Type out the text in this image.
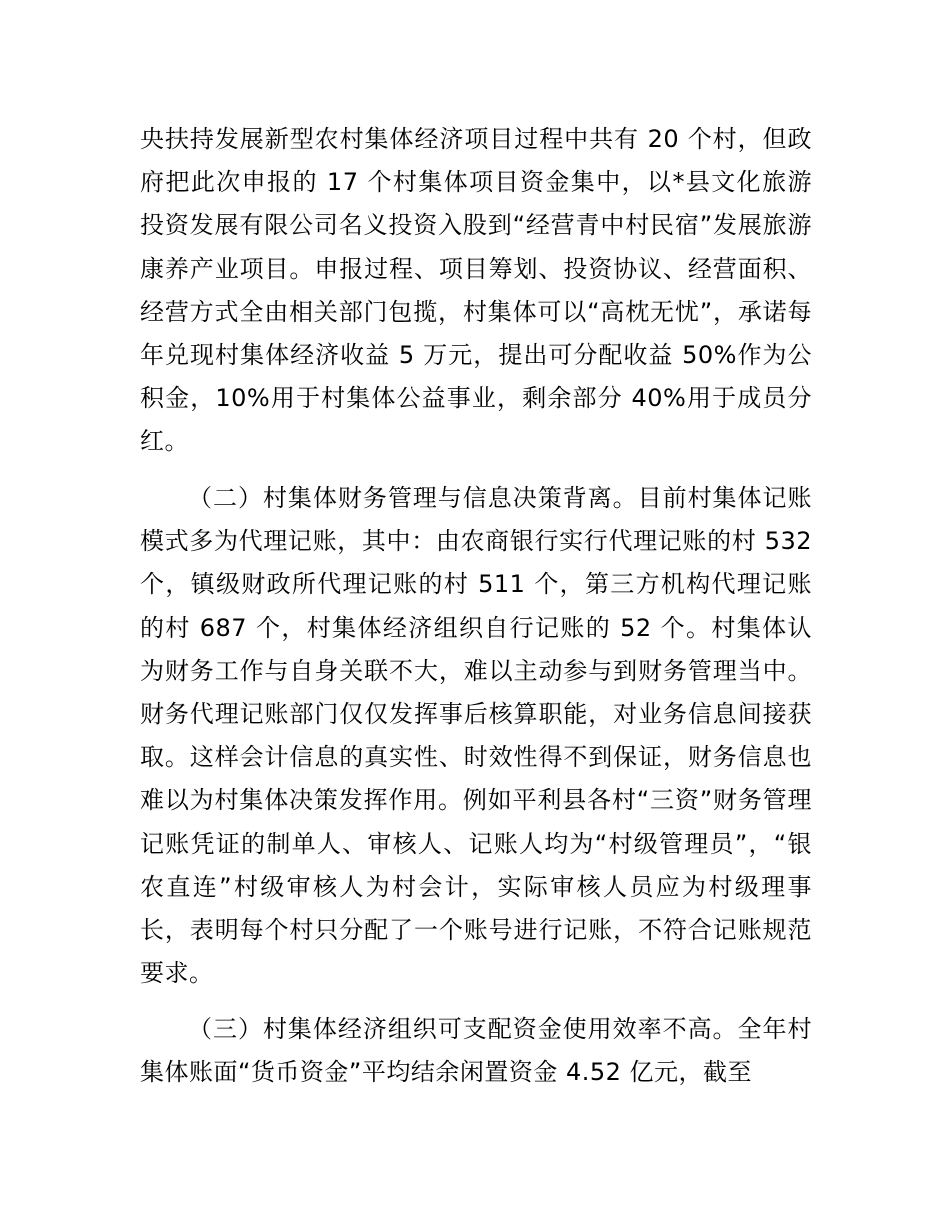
央扶持发展新型农村集体经济项目过程中共有 20 个村，但政府把此次申报的 17 个村集体项目资金集中，以*县文化旅游投资发展有限公司名义投资入股到“经营青中村民宿”发展旅游康养产业项目。申报过程、项目筹划、投资协议、经营面积、经营方式全由相关部门包揽，村集体可以“高枕无忧”，承诺每年兑现村集体经济收益 5 万元，提出可分配收益 50%作为公积金，10%用于村集体公益事业，剩余部分 40%用于成员分红。

（二）村集体财务管理与信息决策背离。目前村集体记账模式多为代理记账，其中：由农商银行实行代理记账的村 532 个，镇级财政所代理记账的村 511 个，第三方机构代理记账的村 687 个，村集体经济组织自行记账的 52 个。村集体认为财务工作与自身关联不大，难以主动参与到财务管理当中。财务代理记账部门仅仅发挥事后核算职能，对业务信息间接获取。这样会计信息的真实性、时效性得不到保证，财务信息也难以为村集体决策发挥作用。例如平利县各村“三资”财务管理记账凭证的制单人、审核人、记账人均为“村级管理员”，“银农直连”村级审核人为村会计，实际审核人员应为村级理事长，表明每个村只分配了一个账号进行记账，不符合记账规范要求。

（三）村集体经济组织可支配资金使用效率不高。全年村集体账面“货币资金”平均结余闲置资金 4.52 亿元，截至
